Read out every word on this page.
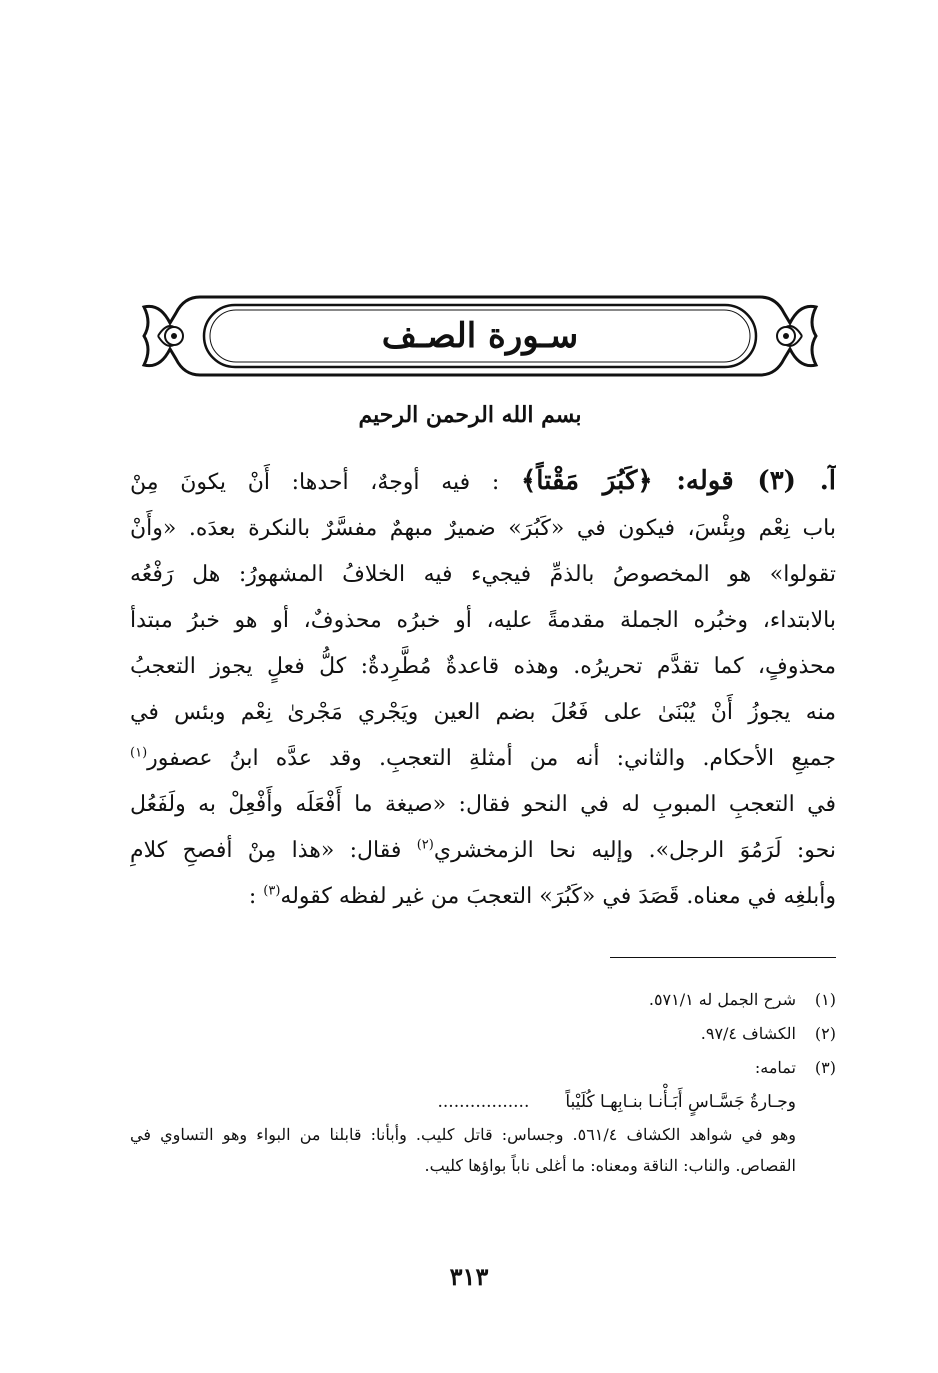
سـورة الصـف
بسم الله الرحمن الرحيم
آ. (٣) قوله: ﴿كَبُرَ مَقْتاً﴾ : فيه أوجهٌ، أحدها: أَنْ يكونَ مِنْ
باب نِعْم وبِئْسَ، فيكون في «كَبُرَ» ضميرٌ مبهمٌ مفسَّرٌ بالنكرة بعدَه. «وأَنْ
تقولوا» هو المخصوصُ بالذمِّ فيجيء فيه الخلافُ المشهورُ: هل رَفْعُه
بالابتداء، وخبُره الجملة مقدمةً عليه، أو خبرُه محذوفٌ، أو هو خبرُ مبتدأ
محذوفٍ، كما تقدَّم تحريرُه. وهذه قاعدةٌ مُطَّرِدةٌ: كلُّ فعلٍ يجوز التعجبُ
منه يجوزُ أَنْ يُبْنَىٰ على فَعُلَ بضم العين ويَجْري مَجْرىٰ نِعْم وبئس في
جميعِ الأحكام. والثاني: أنه من أمثلةِ التعجبِ. وقد عدَّه ابنُ عصفور$^{(١)}$
في التعجبِ المبوبِ له في النحو فقال: «صيغة ما أَفْعَلَه وأَفْعِلْ به ولَفَعُل
نحو: لَرَمُوَ الرجل». وإليه نحا الزمخشري$^{(٢)}$ فقال: «هذا مِنْ أفصحِ كلامِ
وأبلغِه في معناه. قَصَدَ في «كَبُرَ» التعجبَ من غير لفظه كقوله$^{(٣)}$ :
(١)شرح الجمل له ٥٧١/١.
(٢)الكشاف ٩٧/٤.
(٣)تمامه:
وجـارةُ جَسَّـاسٍ أَبَـأْنـا بنـابِهـا كُلَيْباً
.................
وهو في شواهد الكشاف ٥٦١/٤. وجساس: قاتل كليب. وأبأنا: قابلنا من البواء وهو التساوي في القصاص. والناب: الناقة ومعناه: ما أغلى ناباً بواؤها كليب.
٣١٣
